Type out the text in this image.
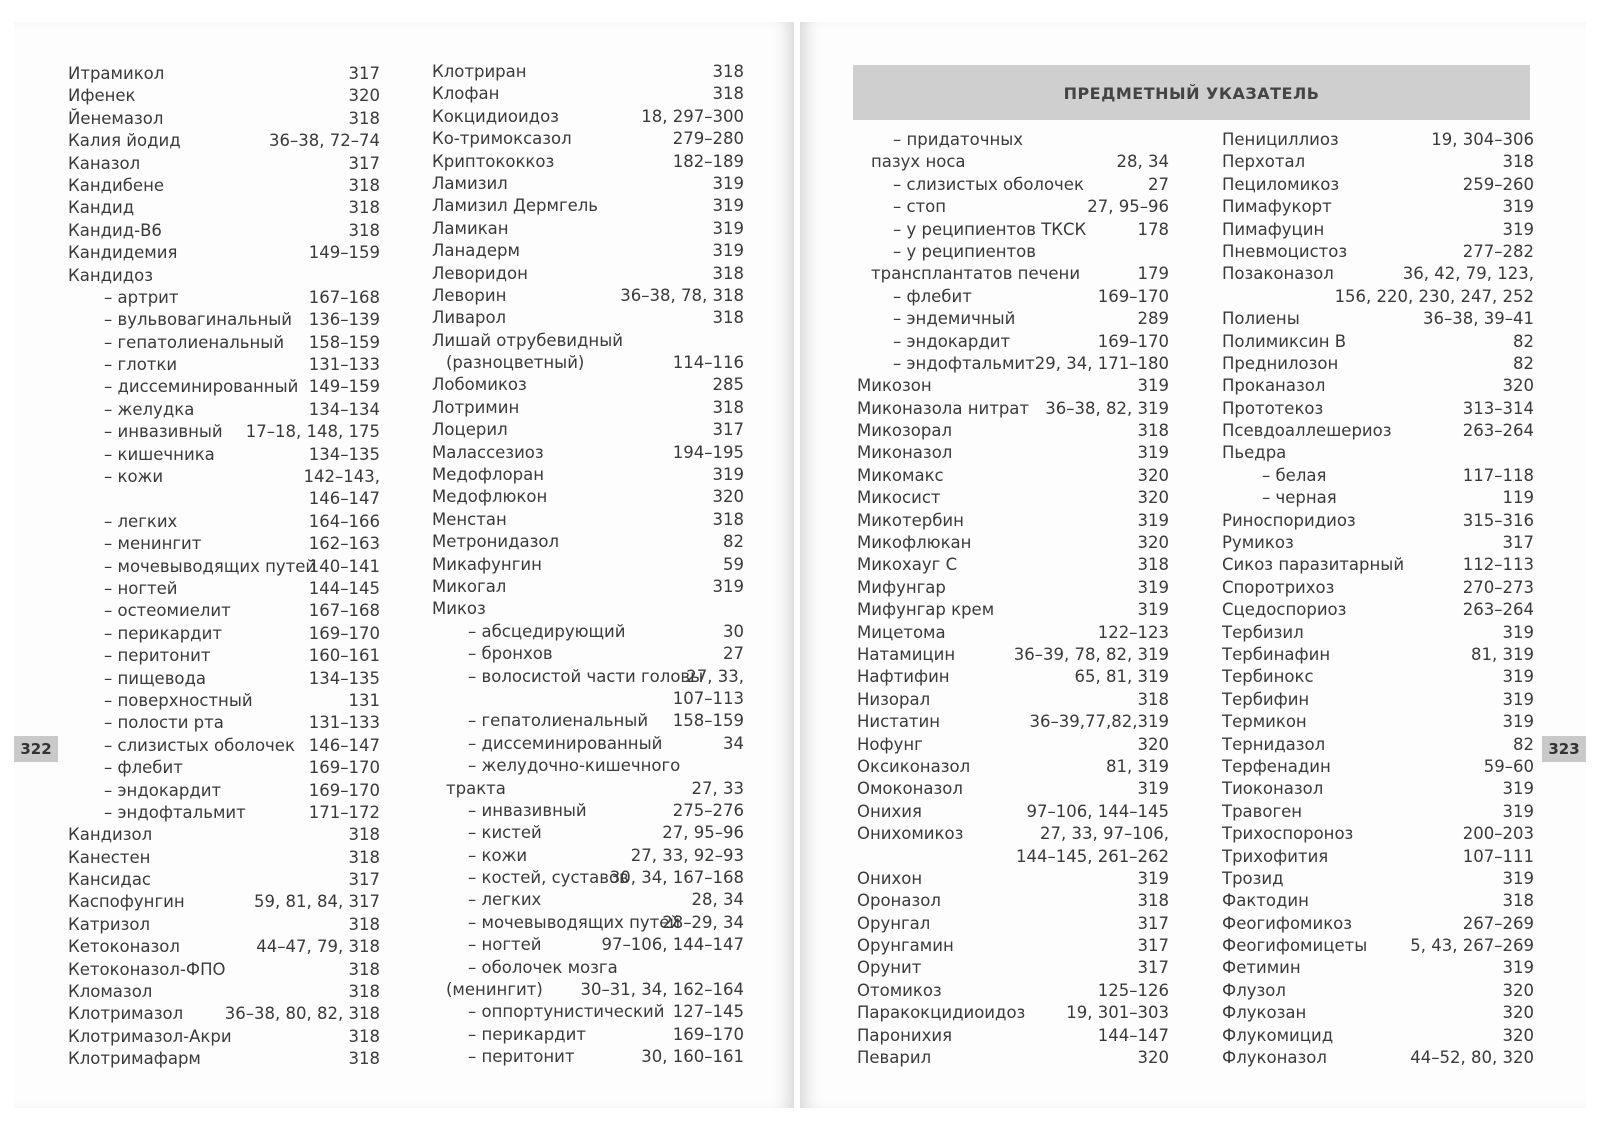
ПРЕДМЕТНЫЙ УКАЗАТЕЛЬ
322	323
Итрамикол	317
Ифенек	320
Йенемазол	318
Калия йодид	36–38, 72–74
Каназол	317
Кандибене	318
Кандид	318
Кандид-В6	318
Кандидемия	149–159
Кандидоз
– артрит	167–168
– вульвовагинальный 136–139
– гепатолиенальный 158–159
– глотки	131–133
– диссеминированный 149–159
– желудка	134–134
– инвазивный 17–18, 148, 175
– кишечника	134–135
– кожи	142–143,
146–147
– легких	164–166
– менингит	162–163
– мочевыводящих путей
140–141
– ногтей	144–145
– остеомиелит	167–168
– перикардит	169–170
– перитонит	160–161
– пищевода	134–135
– поверхностный	131
– полости рта	131–133
– слизистых оболочек 146–147
– флебит	169–170
– эндокардит	169–170
– эндофтальмит	171–172
Кандизол	318
Канестен	318
Кансидас	317
Каспофунгин	59, 81, 84, 317
Катризол	318
Кетоконазол	44–47, 79, 318
Кетоконазол-ФПО	318
Кломазол	318
Клотримазол	36–38, 80, 82, 318
Клотримазол-Акри	318
Клотримафарм	318
Клотриран	318
Клофан	318
Кокцидиоидоз	18, 297–300
Ко-тримоксазол	279–280
Криптококкоз	182–189
Ламизил	319
Ламизил Дермгель	319
Ламикан	319
Ланадерм	319
Леворидон	318
Леворин	36–38, 78, 318
Ливарол	318
Лишай отрубевидный
(разноцветный)	114–116
Лобомикоз	285
Лотримин	318
Лоцерил	317
Малассезиоз	194–195
Медофлоран	319
Медофлюкон	320
Менстан	318
Метронидазол	82
Микафунгин	59
Микогал	319
Микоз
– абсцедирующий	30
– бронхов	27
– волосистой части головы
27, 33,
107–113
– гепатолиенальный 158–159
– диссеминированный	34
– желудочно-кишечного
тракта	27, 33
– инвазивный	275–276
– кистей	27, 95–96
– кожи	27, 33, 92–93
– костей, суставов
30, 34, 167–168
– легких	28, 34
– мочевыводящих путей
28–29, 34
– ногтей	97–106, 144–147
– оболочек мозга
(менингит) 30–31, 34, 162–164
– оппортунистический 127–145
– перикардит	169–170
– перитонит	30, 160–161
– придаточных
пазух носа	28, 34
– слизистых оболочек	27
– стоп	27, 95–96
– у реципиентов ТКСК	178
– у реципиентов
трансплантатов печени	179
– флебит	169–170
– эндемичный	289
– эндокардит	169–170
– эндофтальмит 29, 34, 171–180
Микозон	319
Миконазола нитрат 36–38, 82, 319
Микозорал	318
Миконазол	319
Микомакс	320
Микосист	320
Микотербин	319
Микофлюкан	320
Микохауг С	318
Мифунгар	319
Мифунгар крем	319
Мицетома	122–123
Натамицин	36–39, 78, 82, 319
Нафтифин	65, 81, 319
Низорал	318
Нистатин	36–39,77,82,319
Нофунг	320
Оксиконазол	81, 319
Омоконазол	319
Онихия	97–106, 144–145
Онихомикоз	27, 33, 97–106,
144–145, 261–262
Онихон	319
Ороназол	318
Орунгал	317
Орунгамин	317
Орунит	317
Отомикоз	125–126
Паракокцидиоидоз 19, 301–303
Паронихия	144–147
Певарил	320
Пенициллиоз	19, 304–306
Перхотал	318
Пециломикоз	259–260
Пимафукорт	319
Пимафуцин	319
Пневмоцистоз	277–282
Позаконазол	36, 42, 79, 123,
156, 220, 230, 247, 252
Полиены	36–38, 39–41
Полимиксин В	82
Преднилозон	82
Проканазол	320
Прототекоз	313–314
Псевдоаллешериоз	263–264
Пьедра
– белая	117–118
– черная	119
Риноспоридиоз	315–316
Румикоз	317
Сикоз паразитарный	112–113
Споротрихоз	270–273
Сцедоспориоз	263–264
Тербизил	319
Тербинафин	81, 319
Тербинокс	319
Тербифин	319
Термикон	319
Тернидазол	82
Терфенадин	59–60
Тиоконазол	319
Травоген	319
Трихоспороноз	200–203
Трихофития	107–111
Трозид	319
Фактодин	318
Феогифомикоз	267–269
Феогифомицеты	5, 43, 267–269
Фетимин	319
Флузол	320
Флукозан	320
Флукомицид	320
Флуконазол	44–52, 80, 320
